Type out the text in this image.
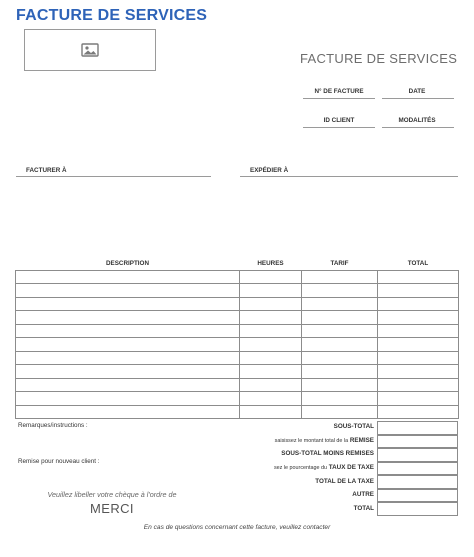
FACTURE DE SERVICES
FACTURE DE SERVICES
N° DE FACTURE	DATE
ID CLIENT	MODALITÉS
FACTURER À	EXPÉDIER À
DESCRIPTION	HEURES	TARIF	TOTAL

Remarques/instructions :
Remise pour nouveau client :
SOUS-TOTAL
saisissez le montant total de la REMISE
SOUS-TOTAL MOINS REMISES
sez le pourcentage du TAUX DE TAXE
TOTAL DE LA TAXE
AUTRE
TOTAL
Veuillez libeller votre chèque à l'ordre de
MERCI
En cas de questions concernant cette facture, veuillez contacter
